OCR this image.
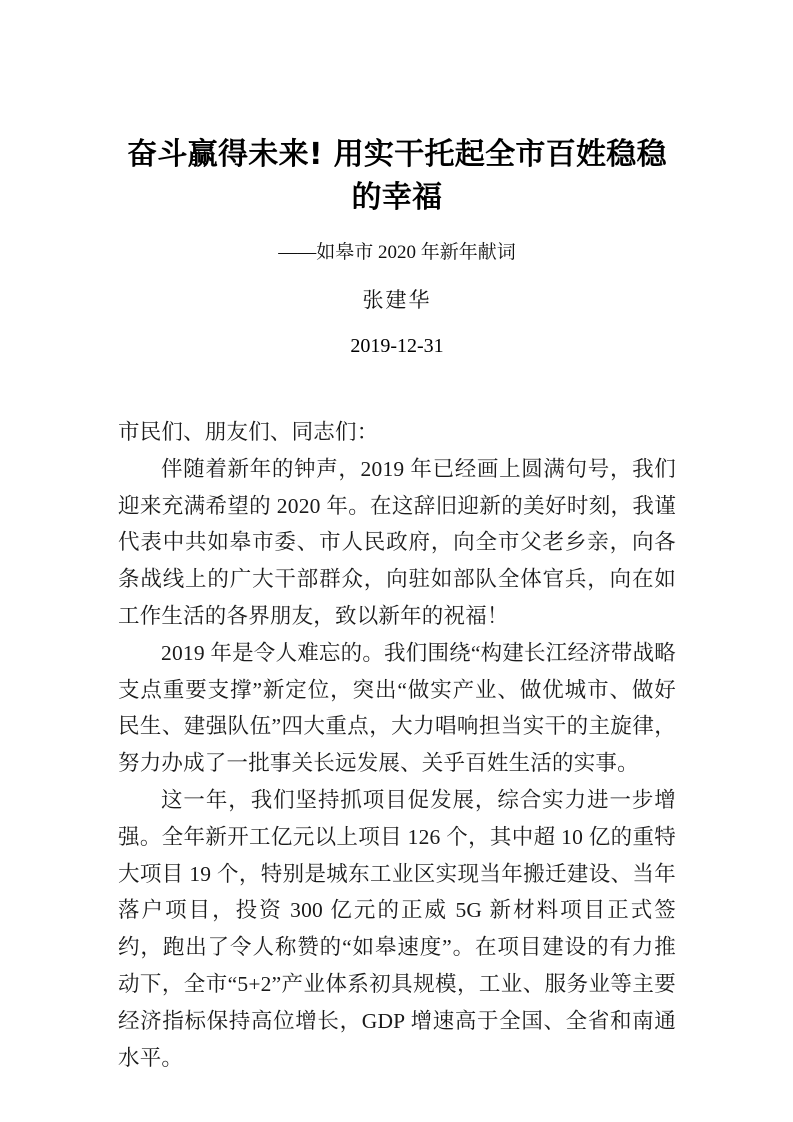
奋斗赢得未来! 用实干托起全市百姓稳稳的幸福
——如皋市 2020 年新年献词
张建华
2019-12-31

市民们、朋友们、同志们：

伴随着新年的钟声，2019 年已经画上圆满句号，我们迎来充满希望的 2020 年。在这辞旧迎新的美好时刻，我谨代表中共如皋市委、市人民政府，向全市父老乡亲，向各条战线上的广大干部群众，向驻如部队全体官兵，向在如工作生活的各界朋友，致以新年的祝福！

2019 年是令人难忘的。我们围绕“构建长江经济带战略支点重要支撑”新定位，突出“做实产业、做优城市、做好民生、建强队伍”四大重点，大力唱响担当实干的主旋律，努力办成了一批事关长远发展、关乎百姓生活的实事。

这一年，我们坚持抓项目促发展，综合实力进一步增强。全年新开工亿元以上项目 126 个，其中超 10 亿的重特大项目 19 个，特别是城东工业区实现当年搬迁建设、当年落户项目，投资 300 亿元的正威 5G 新材料项目正式签约，跑出了令人称赞的“如皋速度”。在项目建设的有力推动下，全市“5+2”产业体系初具规模，工业、服务业等主要经济指标保持高位增长，GDP 增速高于全国、全省和南通水平。
